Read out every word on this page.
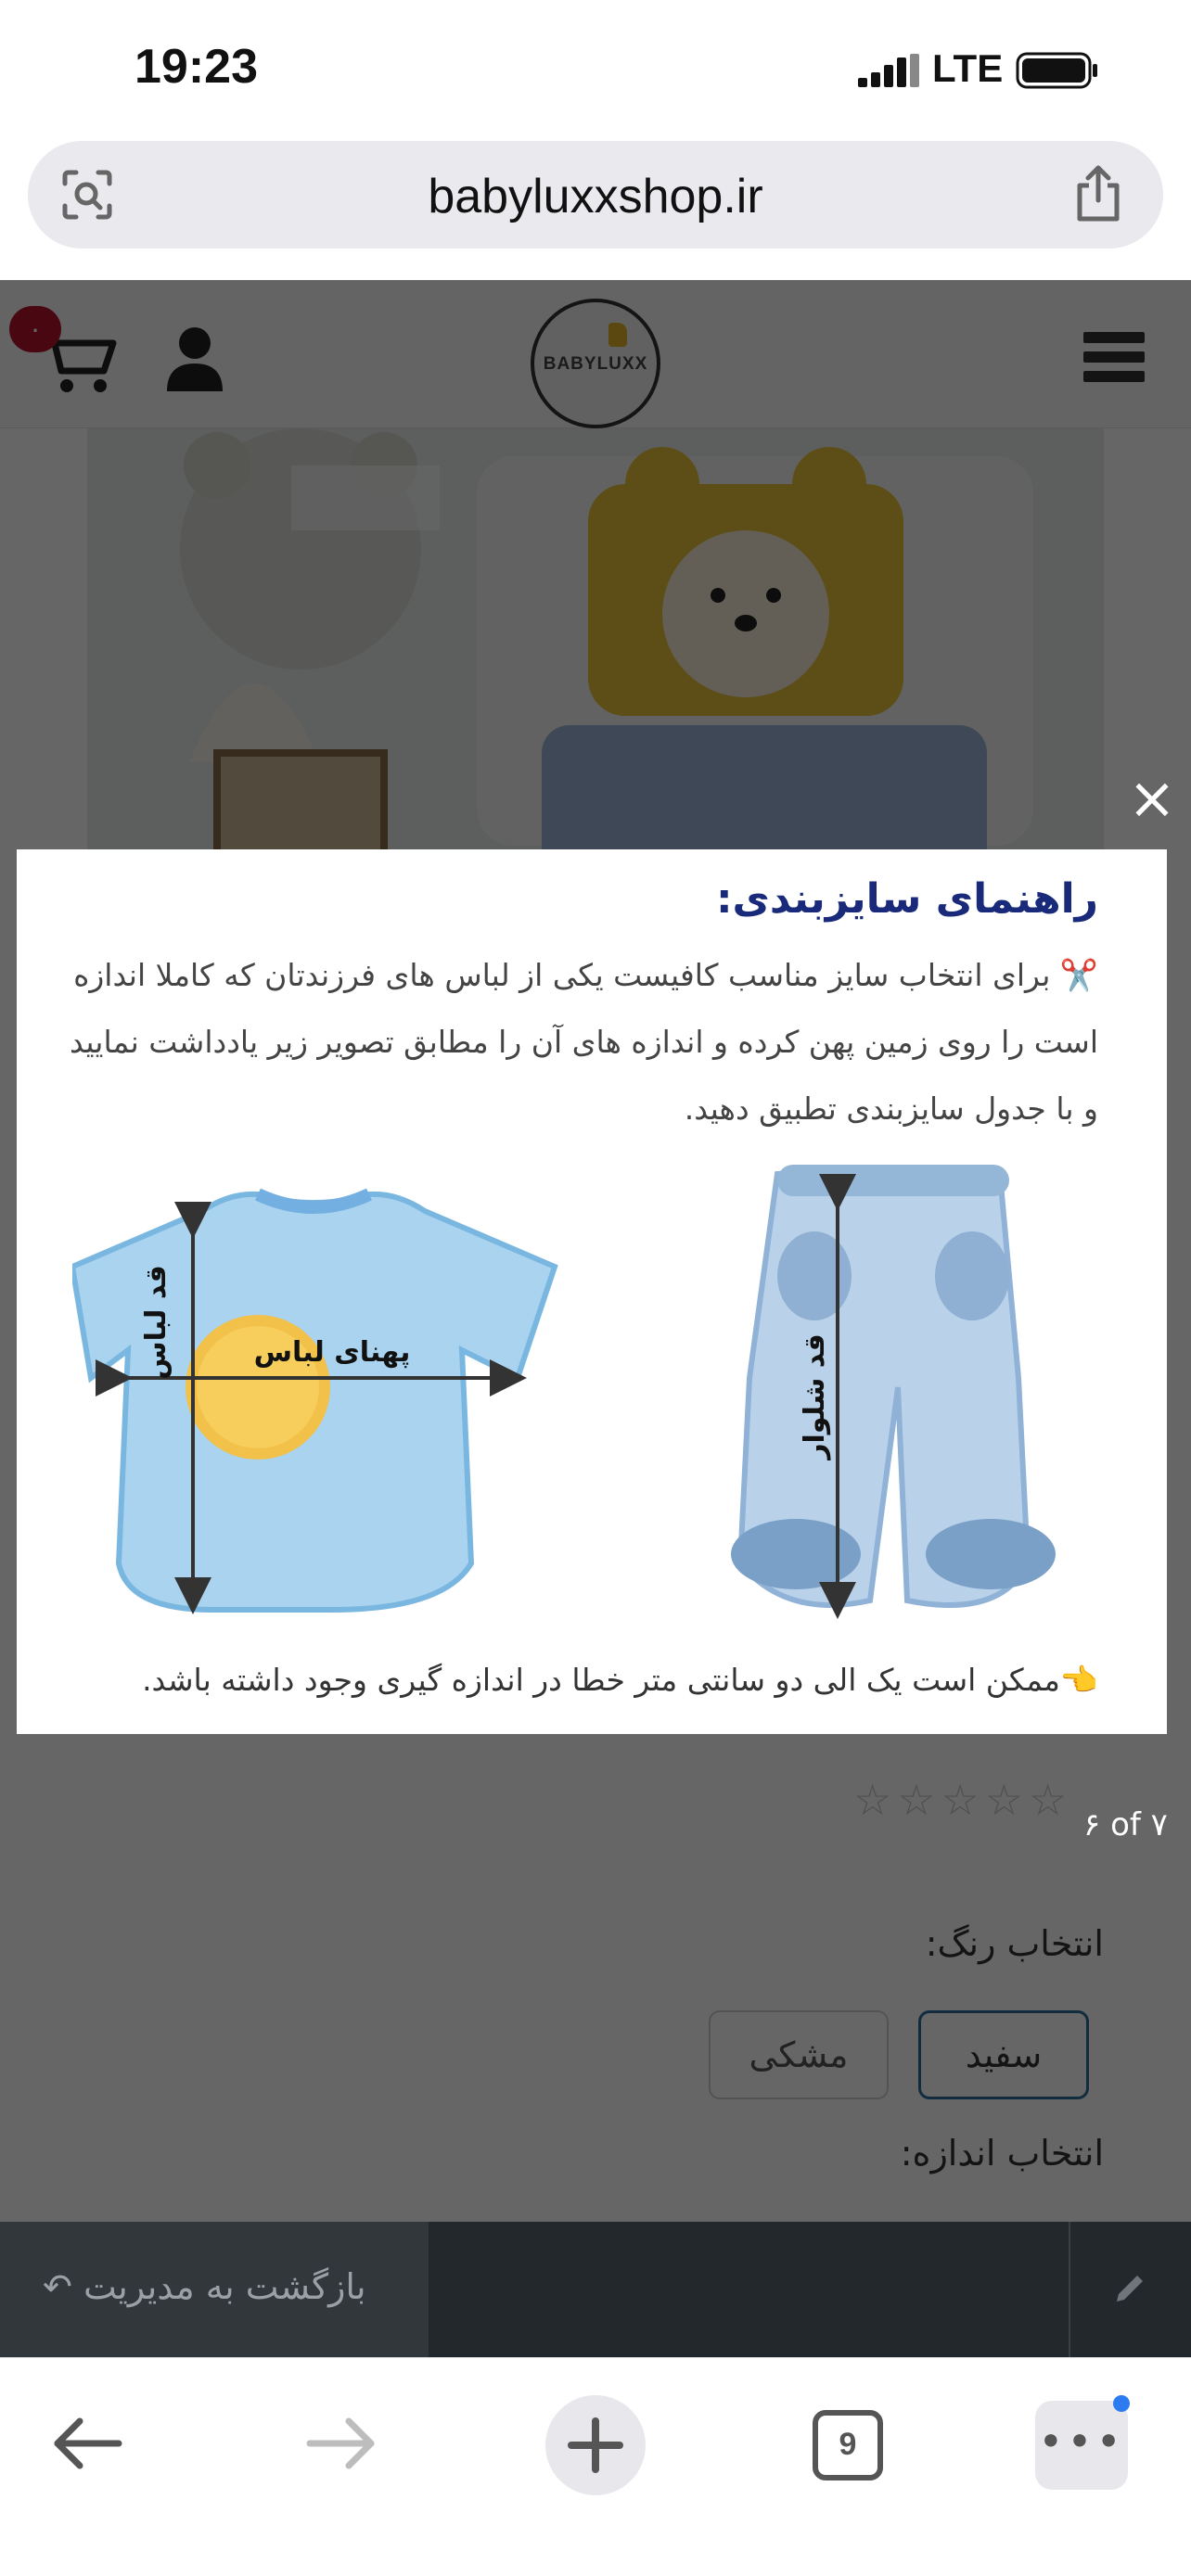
19:23	LTE
babyluxxshop.ir
بازگشت به مدیریت ↶
×
راهنمای سایزبندی:
✂️ برای انتخاب سایز مناسب کافیست یکی از لباس های فرزندتان که کاملا اندازه است را روی زمین پهن کرده و اندازه های آن را مطابق تصویر زیر یادداشت نمایید و با جدول سایزبندی تطبیق دهید.
پهنای لباس
قد لباس
قد شلوار
👈ممکن است یک الی دو سانتی متر خطا در اندازه گیری وجود داشته باشد.
۶ of ۷
9	•••
